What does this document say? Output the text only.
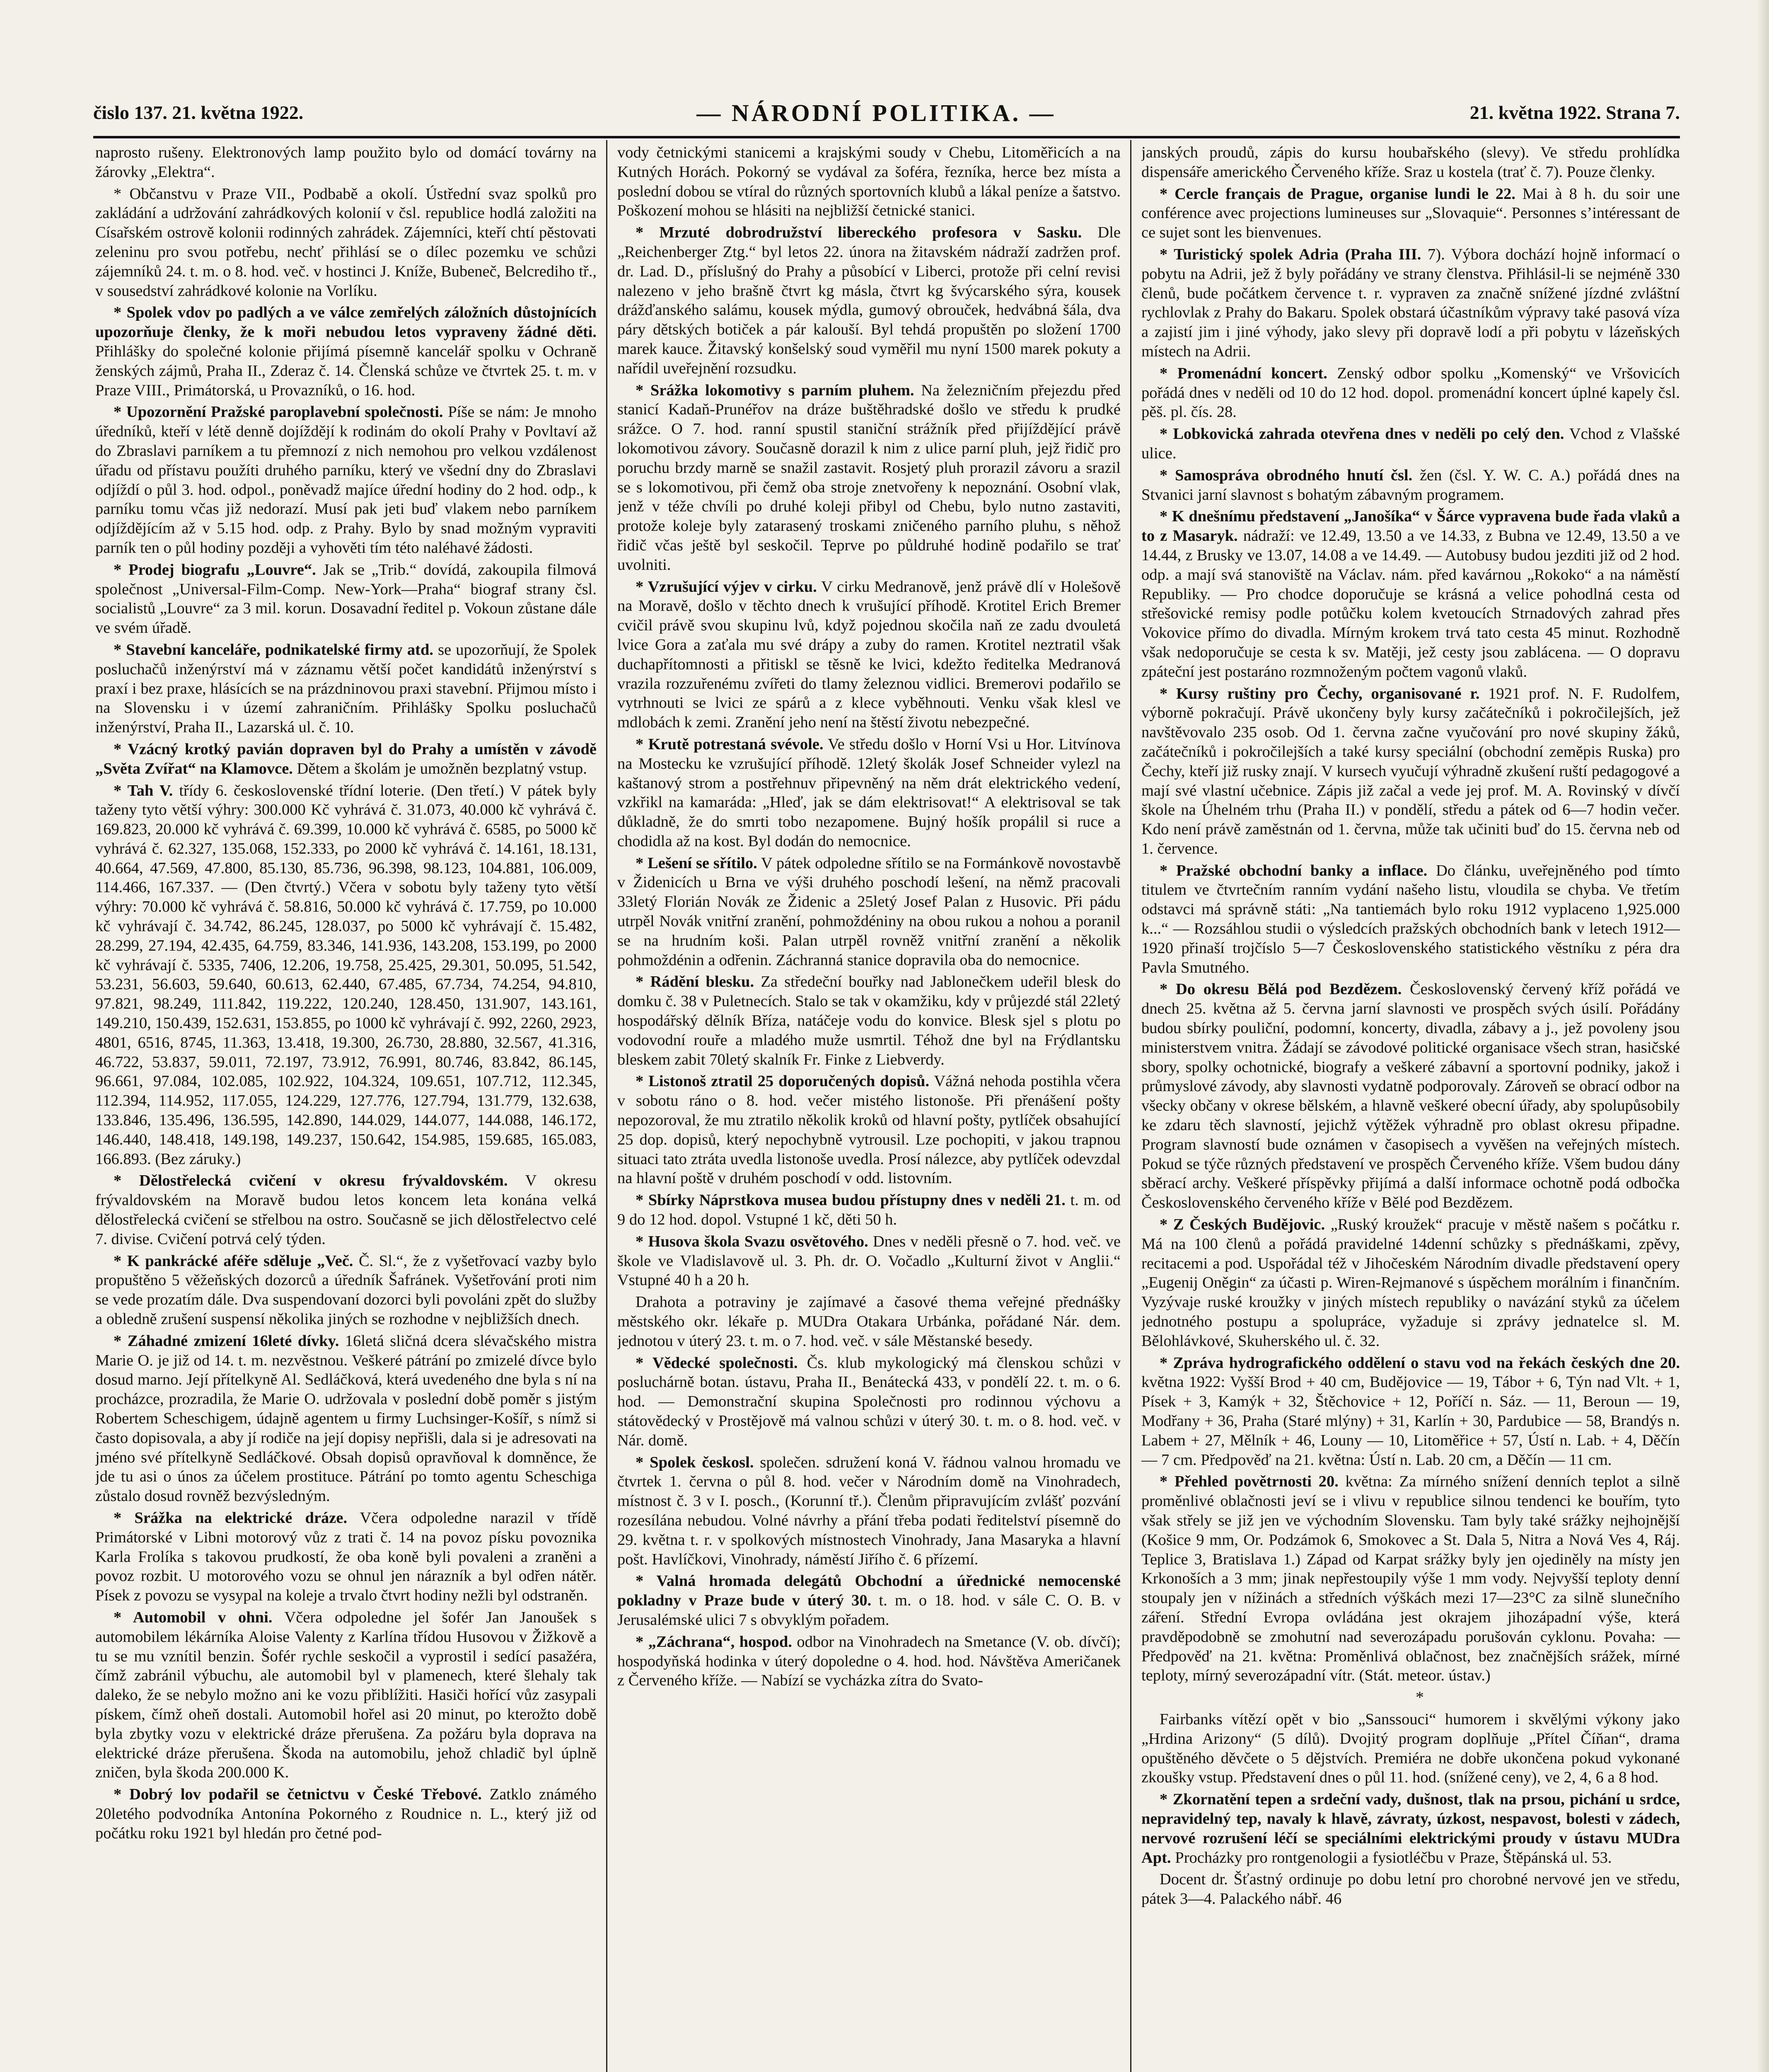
čislo 137. 21. května 1922.	— NÁRODNÍ POLITIKA. —	21. května 1922. Strana 7.

naprosto rušeny. Elektronových lamp použito bylo od domácí továrny na žárovky „Elektra“.

* Občanstvu v Praze VII., Podbabě a okolí. Ústřední svaz spolků pro zakládání a udržování zahrádkových kolonií v čsl. republice hodlá založiti na Císařském ostrově kolonii rodinných zahrádek. Zájemníci, kteří chtí pěstovati zeleninu pro svou potřebu, nechť přihlásí se o dílec pozemku ve schůzi zájemníků 24. t. m. o 8. hod. več. v hostinci J. Kníže, Bubeneč, Belcrediho tř., v sousedství zahrádkové kolonie na Vorlíku.

* Spolek vdov po padlých a ve válce zemřelých záložních důstojnících upozorňuje členky, že k moři nebudou letos vypraveny žádné děti. Přihlášky do společné kolonie přijímá písemně kancelář spolku v Ochraně ženských zájmů, Praha II., Zderaz č. 14. Členská schůze ve čtvrtek 25. t. m. v Praze VIII., Primátorská, u Provazníků, o 16. hod.

* Upozornění Pražské paroplavební společnosti. Píše se nám: Je mnoho úředníků, kteří v létě denně dojíždějí k rodinám do okolí Prahy v Povltaví až do Zbraslavi parníkem a tu přemnozí z nich nemohou pro velkou vzdálenost úřadu od přístavu použíti druhého parníku, který ve všední dny do Zbraslavi odjíždí o půl 3. hod. odpol., poněvadž majíce úřední hodiny do 2 hod. odp., k parníku tomu včas již nedorazí. Musí pak jeti buď vlakem nebo parníkem odjíždějícím až v 5.15 hod. odp. z Prahy. Bylo by snad možným vypraviti parník ten o půl hodiny později a vyhověti tím této naléhavé žádosti.

* Prodej biografu „Louvre“. Jak se „Trib.“ dovídá, zakoupila filmová společnost „Universal-Film-Comp. New-York—Praha“ biograf strany čsl. socialistů „Louvre“ za 3 mil. korun. Dosavadní ředitel p. Vokoun zůstane dále ve svém úřadě.

* Stavební kanceláře, podnikatelské firmy atd. se upozorňují, že Spolek posluchačů inženýrství má v záznamu větší počet kandidátů inženýrství s praxí i bez praxe, hlásících se na prázdninovou praxi stavební. Přijmou místo i na Slovensku i v území zahraničním. Přihlášky Spolku posluchačů inženýrství, Praha II., Lazarská ul. č. 10.

* Vzácný krotký pavián dopraven byl do Prahy a umístěn v závodě „Světa Zvířat“ na Klamovce. Dětem a školám je umožněn bezplatný vstup.

* Tah V. třídy 6. československé třídní loterie. (Den třetí.) V pátek byly taženy tyto větší výhry: 300.000 Kč vyhrává č. 31.073, 40.000 kč vyhrává č. 169.823, 20.000 kč vyhrává č. 69.399, 10.000 kč vyhrává č. 6585, po 5000 kč vyhrává č. 62.327, 135.068, 152.333, po 2000 kč vyhrává č. 14.161, 18.131, 40.664, 47.569, 47.800, 85.130, 85.736, 96.398, 98.123, 104.881, 106.009, 114.466, 167.337. — (Den čtvrtý.) Včera v sobotu byly taženy tyto větší výhry: 70.000 kč vyhrává č. 58.816, 50.000 kč vyhrává č. 17.759, po 10.000 kč vyhrávají č. 34.742, 86.245, 128.037, po 5000 kč vyhrávají č. 15.482, 28.299, 27.194, 42.435, 64.759, 83.346, 141.936, 143.208, 153.199, po 2000 kč vyhrávají č. 5335, 7406, 12.206, 19.758, 25.425, 29.301, 50.095, 51.542, 53.231, 56.603, 59.640, 60.613, 62.440, 67.485, 67.734, 74.254, 94.810, 97.821, 98.249, 111.842, 119.222, 120.240, 128.450, 131.907, 143.161, 149.210, 150.439, 152.631, 153.855, po 1000 kč vyhrávají č. 992, 2260, 2923, 4801, 6516, 8745, 11.363, 13.418, 19.300, 26.730, 28.880, 32.567, 41.316, 46.722, 53.837, 59.011, 72.197, 73.912, 76.991, 80.746, 83.842, 86.145, 96.661, 97.084, 102.085, 102.922, 104.324, 109.651, 107.712, 112.345, 112.394, 114.952, 117.055, 124.229, 127.776, 127.794, 131.779, 132.638, 133.846, 135.496, 136.595, 142.890, 144.029, 144.077, 144.088, 146.172, 146.440, 148.418, 149.198, 149.237, 150.642, 154.985, 159.685, 165.083, 166.893. (Bez záruky.)

* Dělostřelecká cvičení v okresu frývaldovském. V okresu frývaldovském na Moravě budou letos koncem leta konána velká dělostřelecká cvičení se střelbou na ostro. Současně se jich dělostřelectvo celé 7. divise. Cvičení potrvá celý týden.

* K pankrácké aféře sděluje „Več. Č. Sl.“, že z vyšetřovací vazby bylo propuštěno 5 věžeňských dozorců a úředník Šafránek. Vyšetřování proti nim se vede prozatím dále. Dva suspendovaní dozorci byli povoláni zpět do služby a obledně zrušení suspensí několika jiných se rozhodne v nejbližších dnech.

* Záhadné zmizení 16leté dívky. 16letá sličná dcera slévačského mistra Marie O. je již od 14. t. m. nezvěstnou. Veškeré pátrání po zmizelé dívce bylo dosud marno. Její přítelkyně Al. Sedláčková, která uvedeného dne byla s ní na procházce, prozradila, že Marie O. udržovala v poslední době poměr s jistým Robertem Scheschigem, údajně agentem u firmy Luchsinger-Košíř, s nímž si často dopisovala, a aby jí rodiče na její dopisy nepřišli, dala si je adresovati na jméno své přítelkyně Sedláčkové. Obsah dopisů opravňoval k domněnce, že jde tu asi o únos za účelem prostituce. Pátrání po tomto agentu Scheschiga zůstalo dosud rovněž bezvýsledným.

* Srážka na elektrické dráze. Včera odpoledne narazil v třídě Primátorské v Libni motorový vůz z trati č. 14 na povoz písku povoznika Karla Frolíka s takovou prudkostí, že oba koně byli povaleni a zraněni a povoz rozbit. U motorového vozu se ohnul jen nárazník a byl odřen nátěr. Písek z povozu se vysypal na koleje a trvalo čtvrt hodiny nežli byl odstraněn.

* Automobil v ohni. Včera odpoledne jel šofér Jan Janoušek s automobilem lékárníka Aloise Valenty z Karlína třídou Husovou v Žižkově a tu se mu vznítil benzin. Šofér rychle seskočil a vyprostil i sedící pasažéra, čímž zabránil výbuchu, ale automobil byl v plamenech, které šlehaly tak daleko, že se nebylo možno ani ke vozu přiblížiti. Hasiči hořící vůz zasypali pískem, čímž oheň dostali. Automobil hořel asi 20 minut, po kterožto době byla zbytky vozu v elektrické dráze přerušena. Za požáru byla doprava na elektrické dráze přerušena. Škoda na automobilu, jehož chladič byl úplně zničen, byla škoda 200.000 K.

* Dobrý lov podařil se četnictvu v České Třebové. Zatklo známého 20letého podvodníka Antonína Pokorného z Roudnice n. L., který již od počátku roku 1921 byl hledán pro četné pod-

vody četnickými stanicemi a krajskými soudy v Chebu, Litoměřicích a na Kutných Horách. Pokorný se vydával za šoféra, řezníka, herce bez místa a poslední dobou se vtíral do různých sportovních klubů a lákal peníze a šatstvo. Poškození mohou se hlásiti na nejbližší četnické stanici.

* Mrzuté dobrodružství libereckého profesora v Sasku. Dle „Reichenberger Ztg.“ byl letos 22. února na žitavském nádraží zadržen prof. dr. Lad. D., příslušný do Prahy a působící v Liberci, protože při celní revisi nalezeno v jeho brašně čtvrt kg másla, čtvrt kg švýcarského sýra, kousek drážďanského salámu, kousek mýdla, gumový obrouček, hedvábná šála, dva páry dětských botiček a pár kalouší. Byl tehdá propuštěn po složení 1700 marek kauce. Žitavský konšelský soud vyměřil mu nyní 1500 marek pokuty a nařídil uveřejnění rozsudku.

* Srážka lokomotivy s parním pluhem. Na železničním přejezdu před stanicí Kadaň-Prunéřov na dráze buštěhradské došlo ve středu k prudké srážce. O 7. hod. ranní spustil staniční strážník před přijíždějící právě lokomotivou závory. Současně dorazil k nim z ulice parní pluh, jejž řidič pro poruchu brzdy marně se snažil zastavit. Rosjetý pluh prorazil závoru a srazil se s lokomotivou, při čemž oba stroje znetvořeny k nepoznání. Osobní vlak, jenž v téže chvíli po druhé koleji přibyl od Chebu, bylo nutno zastaviti, protože koleje byly zatarasený troskami zničeného parního pluhu, s něhož řidič včas ještě byl seskočil. Teprve po půldruhé hodině podařilo se trať uvolniti.

* Vzrušující výjev v cirku. V cirku Medranově, jenž právě dlí v Holešově na Moravě, došlo v těchto dnech k vrušující příhodě. Krotitel Erich Bremer cvičil právě svou skupinu lvů, když pojednou skočila naň ze zadu dvouletá lvice Gora a zaťala mu své drápy a zuby do ramen. Krotitel neztratil však duchapřítomnosti a přitiskl se těsně ke lvici, kdežto ředitelka Medranová vrazila rozzuřenému zvířeti do tlamy železnou vidlici. Bremerovi podařilo se vytrhnouti se lvici ze spárů a z klece vyběhnouti. Venku však klesl ve mdlobách k zemi. Zranění jeho není na štěstí životu nebezpečné.

* Krutě potrestaná svévole. Ve středu došlo v Horní Vsi u Hor. Litvínova na Mostecku ke vzrušující příhodě. 12letý školák Josef Schneider vylezl na kaštanový strom a postřehnuv připevněný na něm drát elektrického vedení, vzkřikl na kamaráda: „Hleď, jak se dám elektrisovat!“ A elektrisoval se tak důkladně, že do smrti tobo nezapomene. Bujný hošík propálil si ruce a chodidla až na kost. Byl dodán do nemocnice.

* Lešení se sřítilo. V pátek odpoledne sřítilo se na Formánkově novostavbě v Židenicích u Brna ve výši druhého poschodí lešení, na němž pracovali 33letý Florián Novák ze Židenic a 25letý Josef Palan z Husovic. Při pádu utrpěl Novák vnitřní zranění, pohmoždéniny na obou rukou a nohou a poranil se na hrudním koši. Palan utrpěl rovněž vnitřní zranění a několik pohmoždénin a odřenin. Záchranná stanice dopravila oba do nemocnice.

* Rádění blesku. Za středeční bouřky nad Jablonečkem udeřil blesk do domku č. 38 v Puletnecích. Stalo se tak v okamžiku, kdy v průjezdé stál 22letý hospodářský dělník Bříza, natáčeje vodu do konvice. Blesk sjel s plotu po vodovodní rouře a mladého muže usmrtil. Téhož dne byl na Frýdlantsku bleskem zabit 70letý skalník Fr. Finke z Liebverdy.

* Listonoš ztratil 25 doporučených dopisů. Vážná nehoda postihla včera v sobotu ráno o 8. hod. večer mistého listonoše. Při přenášení pošty nepozoroval, že mu ztratilo několik kroků od hlavní pošty, pytlíček obsahující 25 dop. dopisů, který nepochybně vytrousil. Lze pochopiti, v jakou trapnou situaci tato ztráta uvedla listonoše uvedla. Prosí nálezce, aby pytlíček odevzdal na hlavní poště v druhém poschodí v odd. listovním.

* Sbírky Náprstkova musea budou přístupny dnes v neděli 21. t. m. od 9 do 12 hod. dopol. Vstupné 1 kč, děti 50 h.

* Husova škola Svazu osvětového. Dnes v neděli přesně o 7. hod. več. ve škole ve Vladislavově ul. 3. Ph. dr. O. Vočadlo „Kulturní život v Anglii.“ Vstupné 40 h a 20 h.

Drahota a potraviny je zajímavé a časové thema veřejné přednášky městského okr. lékaře p. MUDra Otakara Urbánka, pořádané Nár. dem. jednotou v úterý 23. t. m. o 7. hod. več. v sále Městanské besedy.

* Vědecké společnosti. Čs. klub mykologický má členskou schůzi v posluchárně botan. ústavu, Praha II., Benátecká 433, v pondělí 22. t. m. o 6. hod. — Demonstrační skupina Společnosti pro rodinnou výchovu a státovědecký v Prostějově má valnou schůzi v úterý 30. t. m. o 8. hod. več. v Nár. domě.

* Spolek českosl. společen. sdružení koná V. řádnou valnou hromadu ve čtvrtek 1. června o půl 8. hod. večer v Národním domě na Vinohradech, místnost č. 3 v I. posch., (Korunní tř.). Členům připravujícím zvlášť pozvání rozesílána nebudou. Volné návrhy a přání třeba podati ředitelství písemně do 29. května t. r. v spolkových místnostech Vinohrady, Jana Masaryka a hlavní pošt. Havlíčkovi, Vinohrady, náměstí Jiřího č. 6 přízemí.

* Valná hromada delegátů Obchodní a úřednické nemocenské pokladny v Praze bude v úterý 30. t. m. o 18. hod. v sále C. O. B. v Jerusalémské ulici 7 s obvyklým pořadem.

* „Záchrana“, hospod. odbor na Vinohradech na Smetance (V. ob. dívčí); hospodyňská hodinka v úterý dopoledne o 4. hod. hod. Návštěva Američanek z Červeného kříže. — Nabízí se vycházka zítra do Svato-

janských proudů, zápis do kursu houbařského (slevy). Ve středu prohlídka dispensáře amerického Červeného kříže. Sraz u kostela (trať č. 7). Pouze členky.

* Cercle français de Prague, organise lundi le 22. Mai à 8 h. du soir une conférence avec projections lumineuses sur „Slovaquie“. Personnes s’intéressant de ce sujet sont les bienvenues.

* Turistický spolek Adria (Praha III. 7). Výbora dochází hojně informací o pobytu na Adrii, jež ž byly pořádány ve strany členstva. Přihlásil-li se nejméně 330 členů, bude počátkem července t. r. vypraven za značně snížené jízdné zvláštní rychlovlak z Prahy do Bakaru. Spolek obstará účastníkům výpravy také pasová víza a zajistí jim i jiné výhody, jako slevy při dopravě lodí a při pobytu v lázeňských místech na Adrii.

* Promenádní koncert. Zenský odbor spolku „Komenský“ ve Vršovicích pořádá dnes v neděli od 10 do 12 hod. dopol. promenádní koncert úplné kapely čsl. pěš. pl. čís. 28.

* Lobkovická zahrada otevřena dnes v neděli po celý den. Vchod z Vlašské ulice.

* Samospráva obrodného hnutí čsl. žen (čsl. Y. W. C. A.) pořádá dnes na Stvanici jarní slavnost s bohatým zábavným programem.

* K dnešnímu představení „Janošíka“ v Šárce vypravena bude řada vlaků a to z Masaryk. nádraží: ve 12.49, 13.50 a ve 14.33, z Bubna ve 12.49, 13.50 a ve 14.44, z Brusky ve 13.07, 14.08 a ve 14.49. — Autobusy budou jezditi již od 2 hod. odp. a mají svá stanoviště na Václav. nám. před kavárnou „Rokoko“ a na náměstí Republiky. — Pro chodce doporučuje se krásná a velice pohodlná cesta od střešovické remisy podle potůčku kolem kvetoucích Strnadových zahrad přes Vokovice přímo do divadla. Mírným krokem trvá tato cesta 45 minut. Rozhodně však nedoporučuje se cesta k sv. Matěji, jež cesty jsou zablácena. — O dopravu zpáteční jest postaráno rozmnoženým počtem vagonů vlaků.

* Kursy ruštiny pro Čechy, organisované r. 1921 prof. N. F. Rudolfem, výborně pokračují. Právě ukončeny byly kursy začátečníků i pokročilejších, jež navštěvovalo 235 osob. Od 1. června začne vyučování pro nové skupiny žáků, začátečníků i pokročilejších a také kursy speciální (obchodní zeměpis Ruska) pro Čechy, kteří již rusky znají. V kursech vyučují výhradně zkušení ruští pedagogové a mají své vlastní učebnice. Zápis již začal a vede jej prof. M. A. Rovinský v dívčí škole na Úhelném trhu (Praha II.) v pondělí, středu a pátek od 6—7 hodin večer. Kdo není právě zaměstnán od 1. června, může tak učiniti buď do 15. června neb od 1. července.

* Pražské obchodní banky a inflace. Do článku, uveřejněného pod tímto titulem ve čtvrtečním ranním vydání našeho listu, vloudila se chyba. Ve třetím odstavci má správně státi: „Na tantiemách bylo roku 1912 vyplaceno 1,925.000 k...“ — Rozsáhlou studii o výsledcích pražských obchodních bank v letech 1912—1920 přinaší trojčíslo 5—7 Československého statistického věstníku z péra dra Pavla Smutného.

* Do okresu Bělá pod Bezdězem. Československý červený kříž pořádá ve dnech 25. května až 5. června jarní slavnosti ve prospěch svých úsilí. Pořádány budou sbírky pouliční, podomní, koncerty, divadla, zábavy a j., jež povoleny jsou ministerstvem vnitra. Žádají se závodové politické organisace všech stran, hasičské sbory, spolky ochotnické, biografy a veškeré zábavní a sportovní podniky, jakož i průmyslové závody, aby slavnosti vydatně podporovaly. Zároveň se obrací odbor na všecky občany v okrese bělském, a hlavně veškeré obecní úřady, aby spolupůsobily ke zdaru těch slavností, jejichž výtěžek výhradně pro oblast okresu připadne. Program slavností bude oznámen v časopisech a vyvěšen na veřejných místech. Pokud se týče různých představení ve prospěch Červeného kříže. Všem budou dány sběrací archy. Veškeré příspěvky přijímá a další informace ochotně podá odbočka Československého červeného kříže v Bělé pod Bezdězem.

* Z Českých Budějovic. „Ruský kroužek“ pracuje v městě našem s počátku r. Má na 100 členů a pořádá pravidelné 14denní schůzky s přednáškami, zpěvy, recitacemi a pod. Uspořádal též v Jihočeském Národním divadle představení opery „Eugenij Oněgin“ za účasti p. Wiren-Rejmanové s úspěchem morálním i finančním. Vyzývaje ruské kroužky v jiných místech republiky o navázání styků za účelem jednotného postupu a spolupráce, vyžaduje si zprávy jednatelce sl. M. Bělohlávkové, Skuherského ul. č. 32.

* Zpráva hydrografického oddělení o stavu vod na řekách českých dne 20. května 1922: Vyšší Brod + 40 cm, Budějovice — 19, Tábor + 6, Týn nad Vlt. + 1, Písek + 3, Kamýk + 32, Štěchovice + 12, Poříčí n. Sáz. — 11, Beroun — 19, Modřany + 36, Praha (Staré mlýny) + 31, Karlín + 30, Pardubice — 58, Brandýs n. Labem + 27, Mělník + 46, Louny — 10, Litoměřice + 57, Ústí n. Lab. + 4, Děčín — 7 cm. Předpověď na 21. května: Ústí n. Lab. 20 cm, a Děčín — 11 cm.

* Přehled povětrnosti 20. května: Za mírného snížení denních teplot a silně proměnlivé oblačnosti jeví se i vlivu v republice silnou tendenci ke bouřím, tyto však střely se již jen ve východním Slovensku. Tam byly také srážky nejhojnější (Košice 9 mm, Or. Podzámok 6, Smokovec a St. Dala 5, Nitra a Nová Ves 4, Ráj. Teplice 3, Bratislava 1.) Západ od Karpat srážky byly jen ojediněly na místy jen Krkonoších a 3 mm; jinak nepřestoupily výše 1 mm vody. Nejvyšší teploty denní stoupaly jen v nížinách a středních výškách mezi 17—23°C za silně slunečního záření. Střední Evropa ovládána jest okrajem jihozápadní výše, která pravděpodobně se zmohutní nad severozápadu porušován cyklonu. Povaha: — Předpověď na 21. května: Proměnlivá oblačnost, bez značnějších srážek, mírné teploty, mírný severozápadní vítr. (Stát. meteor. ústav.)

*

Fairbanks vítězí opět v bio „Sanssouci“ humorem i skvělými výkony jako „Hrdina Arizony“ (5 dílů). Dvojitý program doplňuje „Přítel Číňan“, drama opuštěného děvčete o 5 dějstvích. Premiéra ne dobře ukončena pokud vykonané zkoušky vstup. Představení dnes o půl 11. hod. (snížené ceny), ve 2, 4, 6 a 8 hod.

* Zkornatění tepen a srdeční vady, dušnost, tlak na prsou, pichání u srdce, nepravidelný tep, navaly k hlavě, závraty, úzkost, nespavost, bolesti v zádech, nervové rozrušení léčí se speciálními elektrickými proudy v ústavu MUDra Apt. Procházky pro rontgenologii a fysiotléčbu v Praze, Štěpánská ul. 53.

Docent dr. Šťastný ordinuje po dobu letní pro chorobné nervové jen ve středu, pátek 3—4. Palackého nábř. 46
